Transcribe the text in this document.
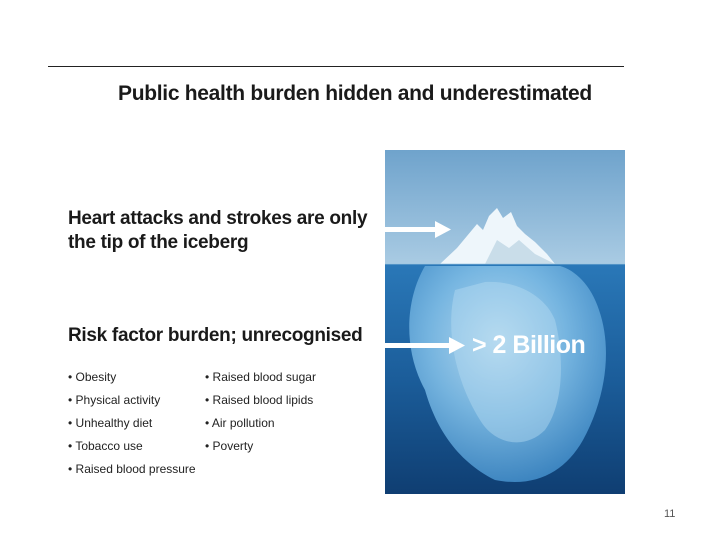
Public health burden hidden and underestimated
Heart attacks and strokes are only the tip of the iceberg
Risk factor burden; unrecognised
• Obesity
• Physical activity
• Unhealthy diet
• Tobacco use
• Raised blood pressure
• Raised blood sugar
• Raised blood lipids
• Air pollution
• Poverty
> 2 Billion
11
